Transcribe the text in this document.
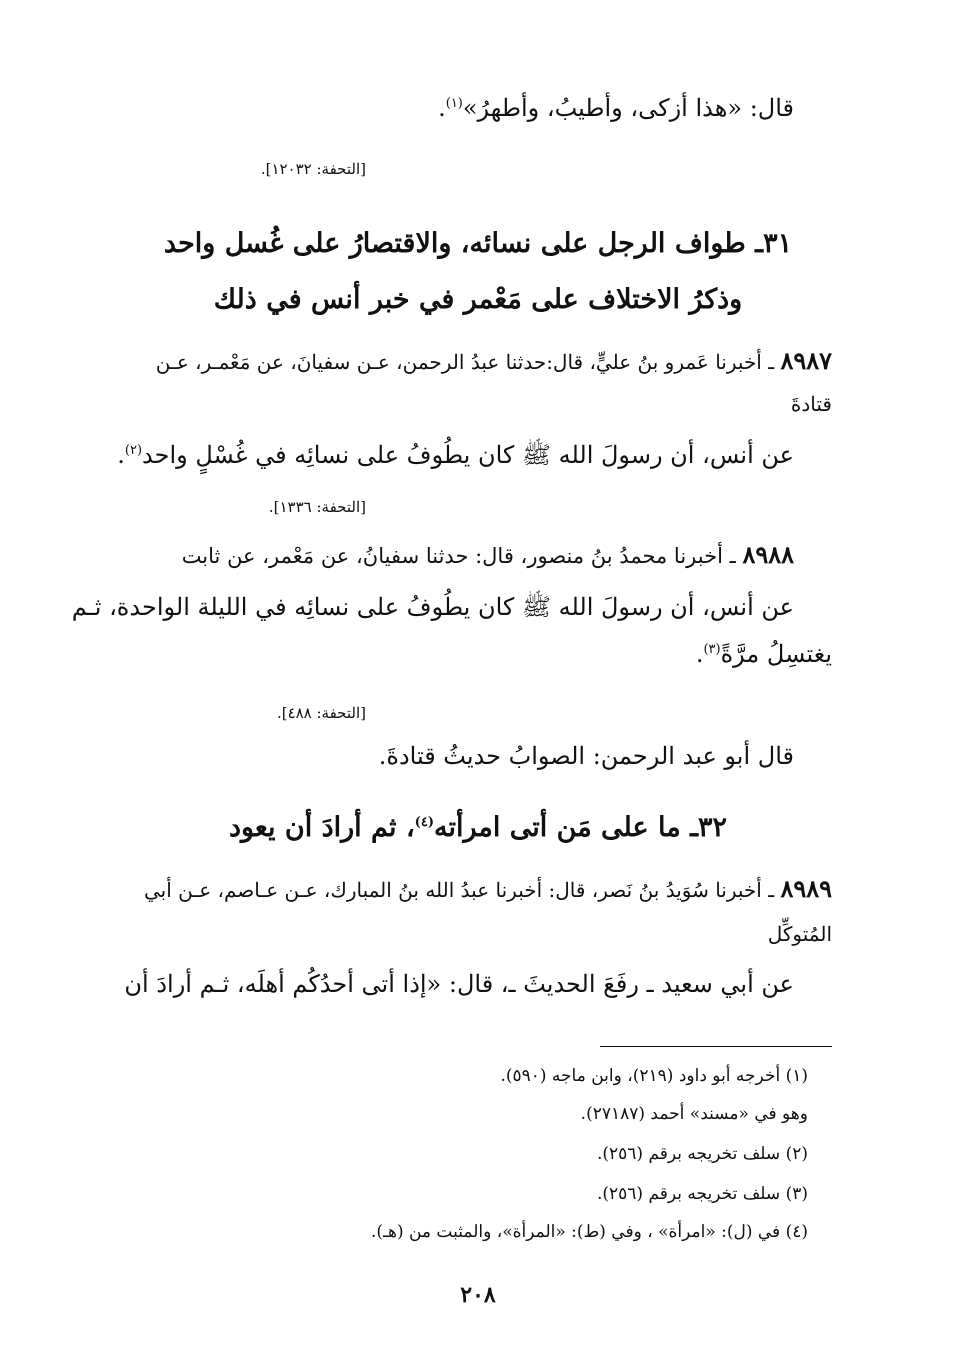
قال: «هذا أزكى، وأطيبُ، وأطهرُ»$^{(١)}$.
[التحفة: ١٢٠٣٢].
٣١ـ طواف الرجل على نسائه، والاقتصارُ على غُسل واحد
وذكرُ الاختلاف على مَعْمر في خبر أنس في ذلك
٨٩٨٧ ـ أخبرنا عَمرو بنُ عليٍّ، قال:حدثنا عبدُ الرحمن، عـن سفيانَ، عن مَعْمـر، عـن
قتادةَ
عن أنس، أن رسولَ الله ﷺ كان يطُوفُ على نسائِه في غُسْلٍ واحد$^{(٢)}$.
[التحفة: ١٣٣٦].
٨٩٨٨ ـ أخبرنا محمدُ بنُ منصور، قال: حدثنا سفيانُ، عن مَعْمر، عن ثابت
عن أنس، أن رسولَ الله ﷺ كان يطُوفُ على نسائِه في الليلة الواحدة، ثـم
يغتسِلُ مرَّةً$^{(٣)}$.
[التحفة: ٤٨٨].
قال أبو عبد الرحمن: الصوابُ حديثُ قتادةَ.
٣٢ـ ما على مَن أتى امرأته$^{(٤)}$، ثم أرادَ أن يعود
٨٩٨٩ ـ أخبرنا سُوَيدُ بنُ نَصر، قال: أخبرنا عبدُ الله بنُ المبارك، عـن عـاصم، عـن أبي
المُتوكِّل
عن أبي سعيد ـ رفَعَ الحديثَ ـ، قال: «إذا أتى أحدُكُم أهلَه، ثـم أرادَ أن
(١) أخرجه أبو داود (٢١٩)، وابن ماجه (٥٩٠).
وهو في «مسند» أحمد (٢٧١٨٧).
(٢) سلف تخريجه برقم (٢٥٦).
(٣) سلف تخريجه برقم (٢٥٦).
(٤) في (ل): «امرأة» ، وفي (ط): «المرأة»، والمثبت من (هـ).
٢٠٨
